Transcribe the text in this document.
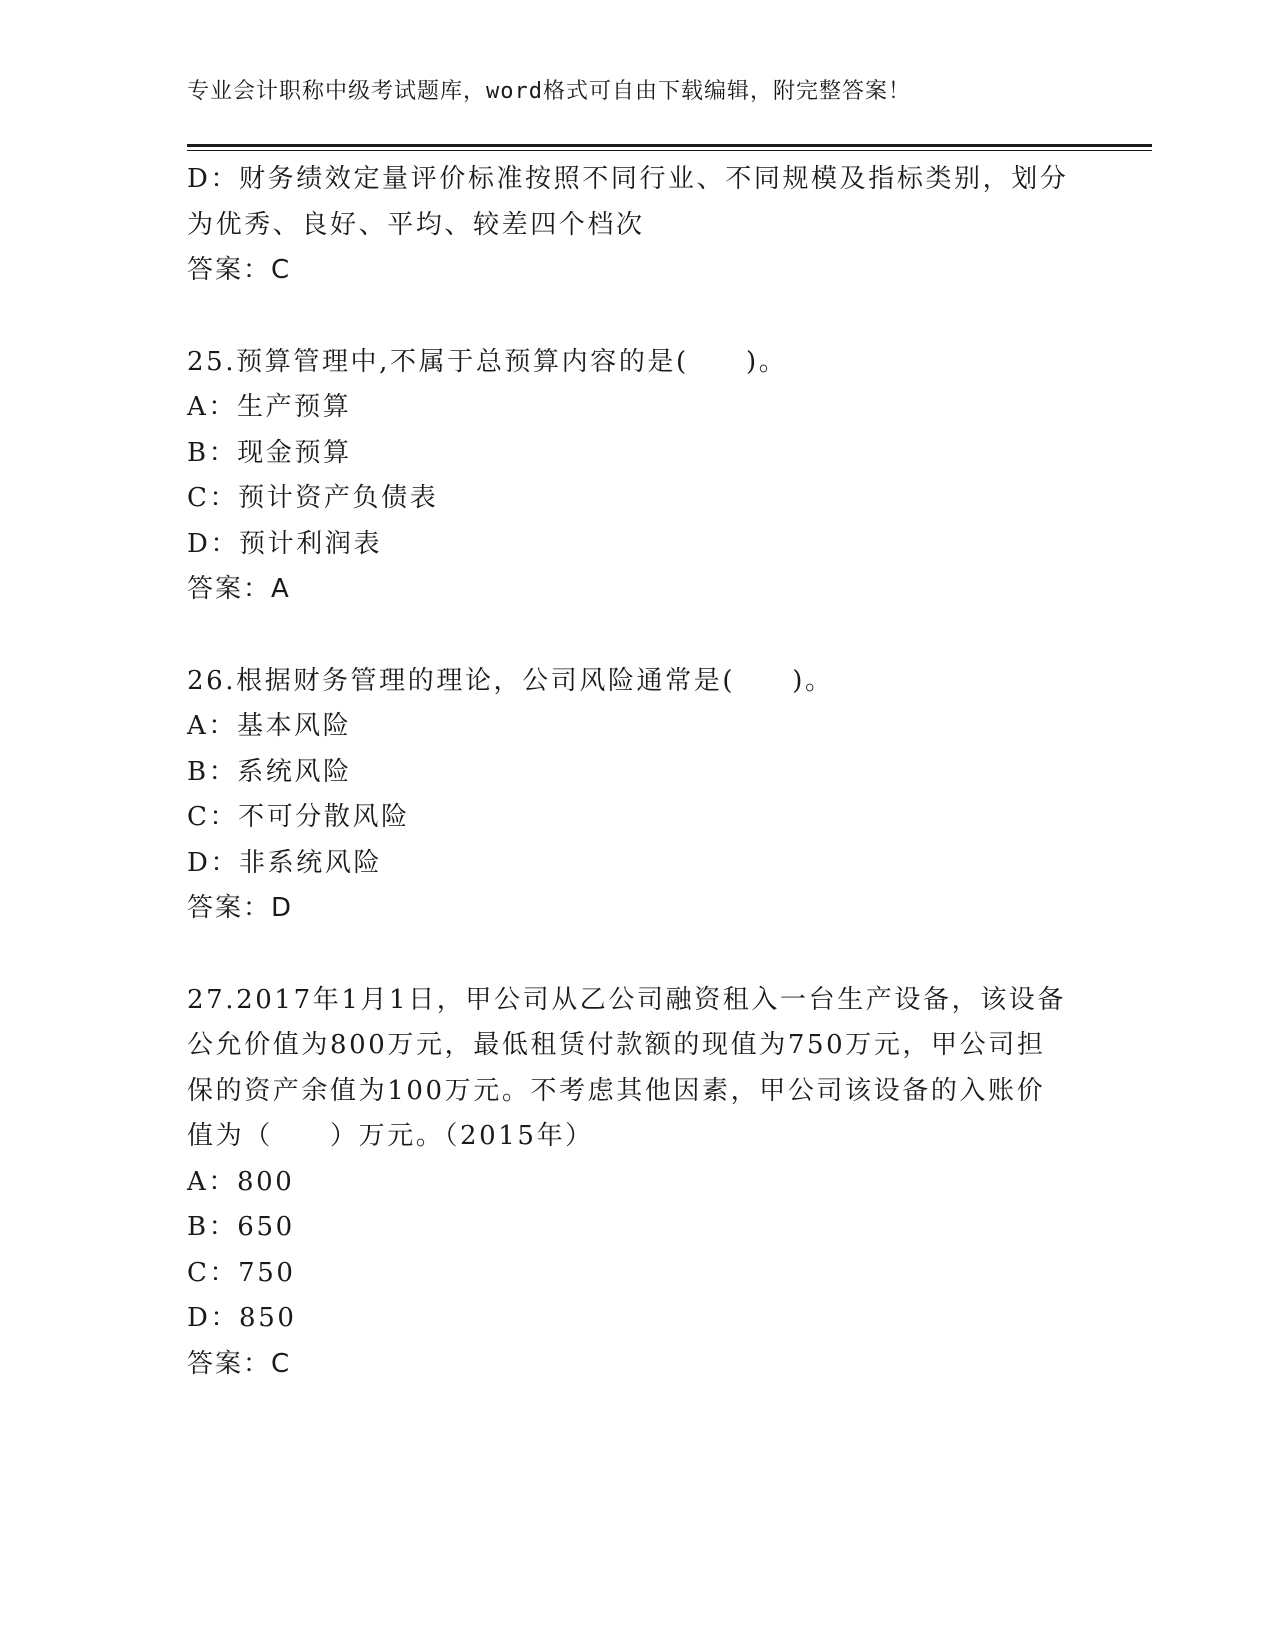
专业会计职称中级考试题库，word格式可自由下载编辑，附完整答案！
D：财务绩效定量评价标准按照不同行业、不同规模及指标类别，划分
为优秀、良好、平均、较差四个档次
答案：C
25.预算管理中,不属于总预算内容的是(　　)。
A：生产预算
B：现金预算
C：预计资产负债表
D：预计利润表
答案：A
26.根据财务管理的理论，公司风险通常是(　　)。
A：基本风险
B：系统风险
C：不可分散风险
D：非系统风险
答案：D
27.2017年1月1日，甲公司从乙公司融资租入一台生产设备，该设备
公允价值为800万元，最低租赁付款额的现值为750万元，甲公司担
保的资产余值为100万元。不考虑其他因素，甲公司该设备的入账价
值为（　　）万元。（2015年）
A：800
B：650
C：750
D：850
答案：C
